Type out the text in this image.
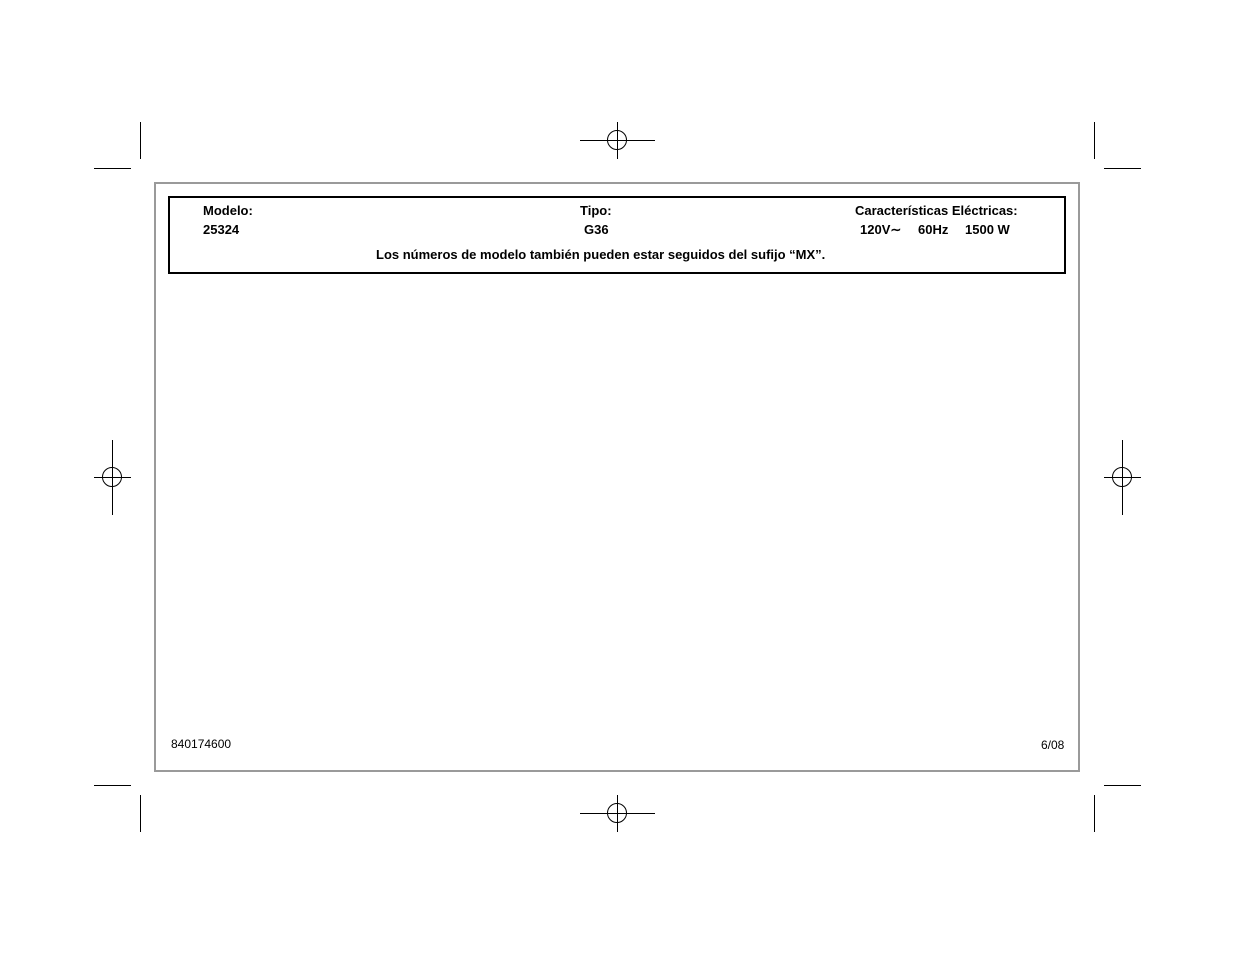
Modelo:
25324
Tipo:
G36
Características Eléctricas:
120V∼ 60Hz 1500 W
Los números de modelo también pueden estar seguidos del sufijo “MX”.
840174600	6/08
